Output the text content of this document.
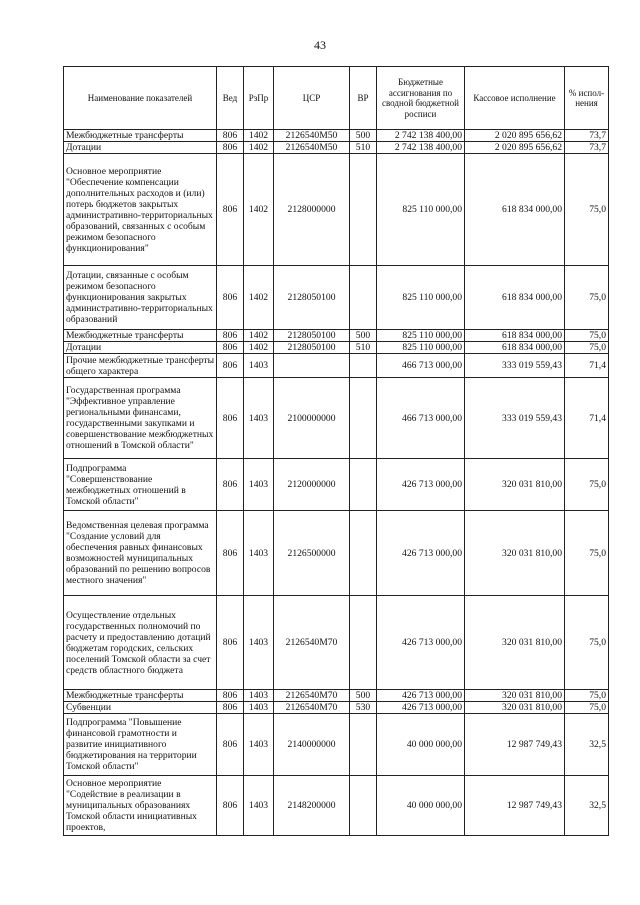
43
Наименование показателей	Вед	РзПр	ЦСР	ВР	Бюджетные ассигнования по сводной бюджетной росписи	Кассовое исполнение	% испол-нения
Межбюджетные трансферты	806	1402	2126540М50	500	2 742 138 400,00	2 020 895 656,62	73,7
Дотации	806	1402	2126540М50	510	2 742 138 400,00	2 020 895 656,62	73,7
Основное мероприятие "Обеспечение компенсации дополнительных расходов и (или) потерь бюджетов закрытых административно-территориальных образований, связанных с особым режимом безопасного функционирования"	806	1402	2128000000		825 110 000,00	618 834 000,00	75,0
Дотации, связанные с особым режимом безопасного функционирования закрытых административно-территориальных образований	806	1402	2128050100		825 110 000,00	618 834 000,00	75,0
Межбюджетные трансферты	806	1402	2128050100	500	825 110 000,00	618 834 000,00	75,0
Дотации	806	1402	2128050100	510	825 110 000,00	618 834 000,00	75,0
Прочие межбюджетные трансферты общего характера	806	1403			466 713 000,00	333 019 559,43	71,4
Государственная программа "Эффективное управление региональными финансами, государственными закупками и совершенствование межбюджетных отношений в Томской области"	806	1403	2100000000		466 713 000,00	333 019 559,43	71,4
Подпрограмма "Совершенствование межбюджетных отношений в Томской области"	806	1403	2120000000		426 713 000,00	320 031 810,00	75,0
Ведомственная целевая программа "Создание условий для обеспечения равных финансовых возможностей муниципальных образований по решению вопросов местного значения"	806	1403	2126500000		426 713 000,00	320 031 810,00	75,0
Осуществление отдельных государственных полномочий по расчету и предоставлению дотаций бюджетам городских, сельских поселений Томской области за счет средств областного бюджета	806	1403	2126540М70		426 713 000,00	320 031 810,00	75,0
Межбюджетные трансферты	806	1403	2126540М70	500	426 713 000,00	320 031 810,00	75,0
Субвенции	806	1403	2126540М70	530	426 713 000,00	320 031 810,00	75,0
Подпрограмма "Повышение финансовой грамотности и развитие инициативного бюджетирования на территории Томской области"	806	1403	2140000000		40 000 000,00	12 987 749,43	32,5
Основное мероприятие "Содействие в реализации в муниципальных образованиях Томской области инициативных проектов,	806	1403	2148200000		40 000 000,00	12 987 749,43	32,5
